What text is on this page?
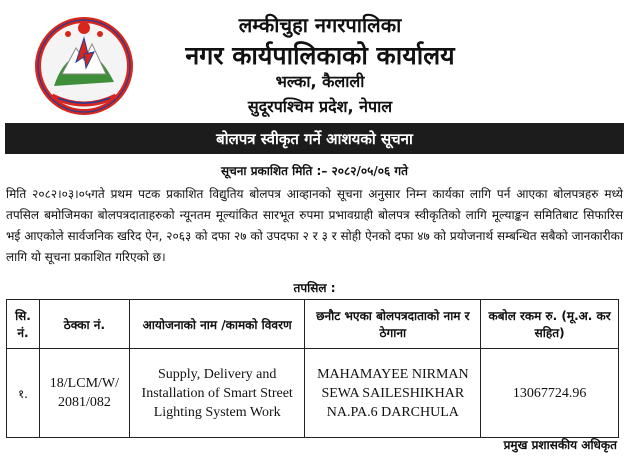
लम्कीचुहा नगरपालिका
नगर कार्यपालिकाको कार्यालय
भल्का, कैलाली
सुदूरपश्चिम प्रदेश, नेपाल
बोलपत्र स्वीकृत गर्ने आशयको सूचना
सूचना प्रकाशित मिति :– २०८२/०५/०६ गते
मिति २०८२।०३।०५गते प्रथम पटक प्रकाशित विद्युतिय बोलपत्र आव्हानको सूचना अनुसार निम्न कार्यका लागि पर्न आएका बोलपत्रहरु मध्ये तपसिल बमोजिमका बोलपत्रदाताहरुको न्यूनतम मूल्यांकित सारभूत रुपमा प्रभावग्राही बोलपत्र स्वीकृतिको लागि मूल्याङ्कन समितिबाट सिफारिस भई आएकोले सार्वजनिक खरिद ऐन, २०६३ को दफा २७ को उपदफा २ र ३ र सोही ऐनको दफा ४७ को प्रयोजनार्थ सम्बन्धित सबैको जानकारीका लागि यो सूचना प्रकाशित गरिएको छ।
तपसिल :
सि. नं.	ठेक्का नं.	आयोजनाको नाम /कामको विवरण	छनौट भएका बोलपत्रदाताको नाम र ठेगाना	कबोल रकम रु. (मू.अ. कर सहित)
१.	18/LCM/W/ 2081/082	Supply, Delivery and Installation of Smart Street Lighting System Work	MAHAMAYEE NIRMAN SEWA SAILESHIKHAR NA.PA.6 DARCHULA	13067724.96
प्रमुख प्रशासकीय अधिकृत
